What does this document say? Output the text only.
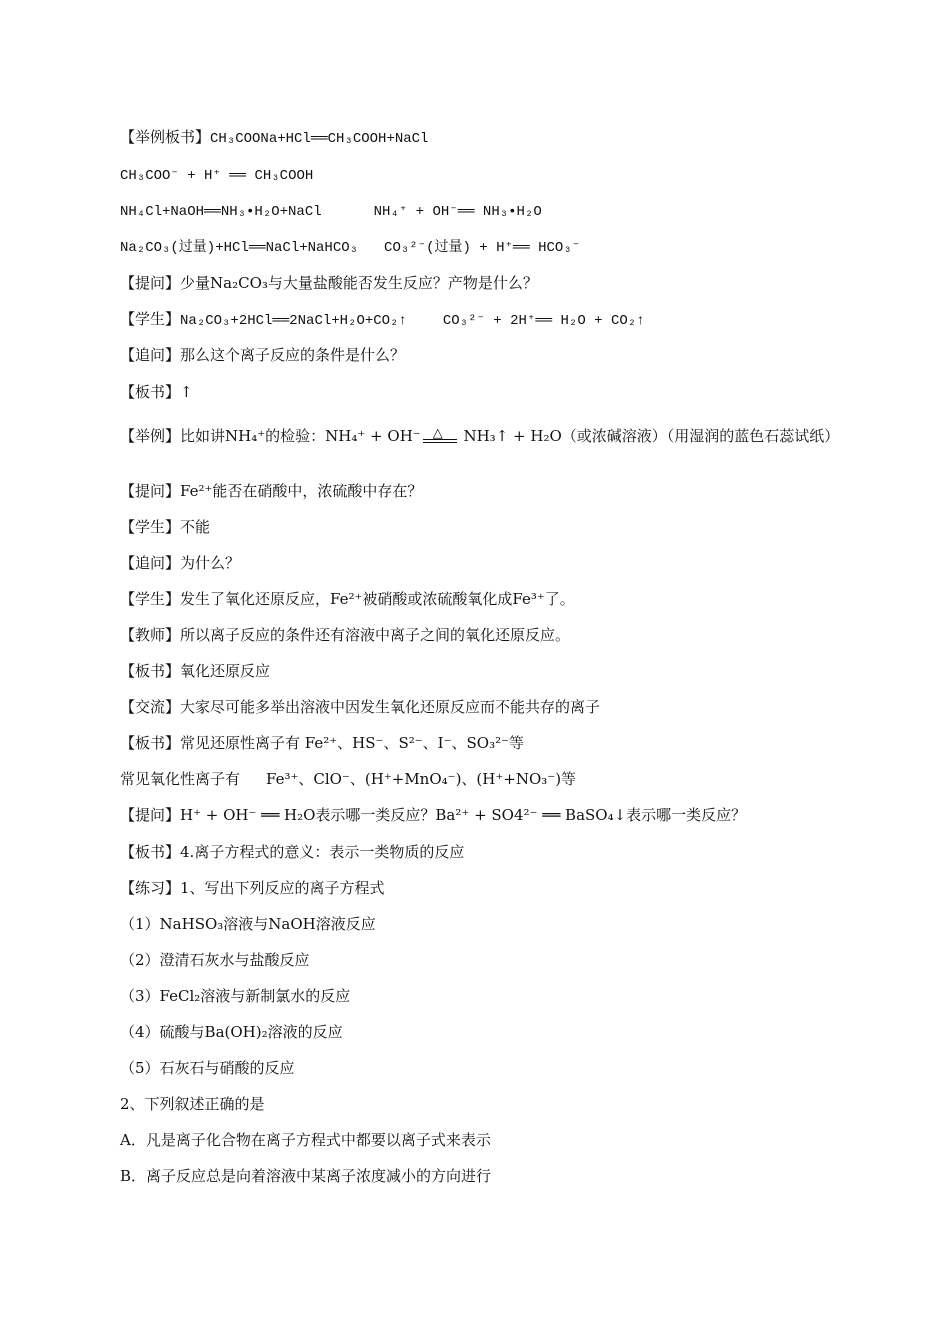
【举例板书】CH₃COONa+HCl══CH₃COOH+NaCl
CH₃COO⁻ + H⁺ ══ CH₃COOH
NH₄Cl+NaOH══NH₃•H₂O+NaCl	NH₄⁺ + OH⁻══ NH₃•H₂O
Na₂CO₃(过量)+HCl══NaCl+NaHCO₃ CO₃²⁻(过量) + H⁺══ HCO₃⁻
【提问】少量Na₂CO₃与大量盐酸能否发生反应？产物是什么？
【学生】Na₂CO₃+2HCl══2NaCl+H₂O+CO₂↑	CO₃²⁻ + 2H⁺══ H₂O + CO₂↑
【追问】那么这个离子反应的条件是什么？
【板书】↑
【举例】比如讲NH₄⁺的检验：NH₄⁺ + OH⁻ △ NH₃↑ + H₂O（或浓碱溶液）（用湿润的蓝色石蕊试纸）
【提问】Fe²⁺能否在硝酸中，浓硫酸中存在？
【学生】不能
【追问】为什么？
【学生】发生了氧化还原反应，Fe²⁺被硝酸或浓硫酸氧化成Fe³⁺了。
【教师】所以离子反应的条件还有溶液中离子之间的氧化还原反应。
【板书】氧化还原反应
【交流】大家尽可能多举出溶液中因发生氧化还原反应而不能共存的离子
【板书】常见还原性离子有 Fe²⁺、HS⁻、S²⁻、I⁻、SO₃²⁻等
常见氧化性离子有 Fe³⁺、ClO⁻、(H⁺+MnO₄⁻)、(H⁺+NO₃⁻)等
【提问】H⁺ + OH⁻ ══ H₂O表示哪一类反应？Ba²⁺ + SO4²⁻ ══ BaSO₄↓表示哪一类反应？
【板书】4.离子方程式的意义：表示一类物质的反应
【练习】1、写出下列反应的离子方程式
（1）NaHSO₃溶液与NaOH溶液反应
（2）澄清石灰水与盐酸反应
（3）FeCl₂溶液与新制氯水的反应
（4）硫酸与Ba(OH)₂溶液的反应
（5）石灰石与硝酸的反应
2、下列叙述正确的是
A．凡是离子化合物在离子方程式中都要以离子式来表示
B．离子反应总是向着溶液中某离子浓度减小的方向进行
